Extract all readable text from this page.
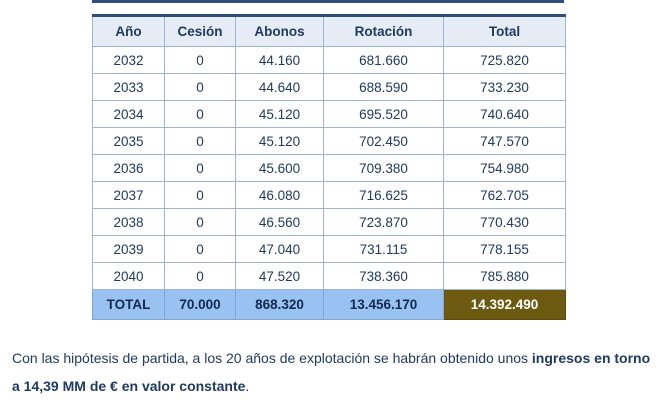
Año	Cesión	Abonos	Rotación	Total
2032	0	44.160	681.660	725.820
2033	0	44.640	688.590	733.230
2034	0	45.120	695.520	740.640
2035	0	45.120	702.450	747.570
2036	0	45.600	709.380	754.980
2037	0	46.080	716.625	762.705
2038	0	46.560	723.870	770.430
2039	0	47.040	731.115	778.155
2040	0	47.520	738.360	785.880
TOTAL	70.000	868.320	13.456.170	14.392.490

Con las hipótesis de partida, a los 20 años de explotación se habrán obtenido unos ingresos en torno a 14,39 MM de € en valor constante.
